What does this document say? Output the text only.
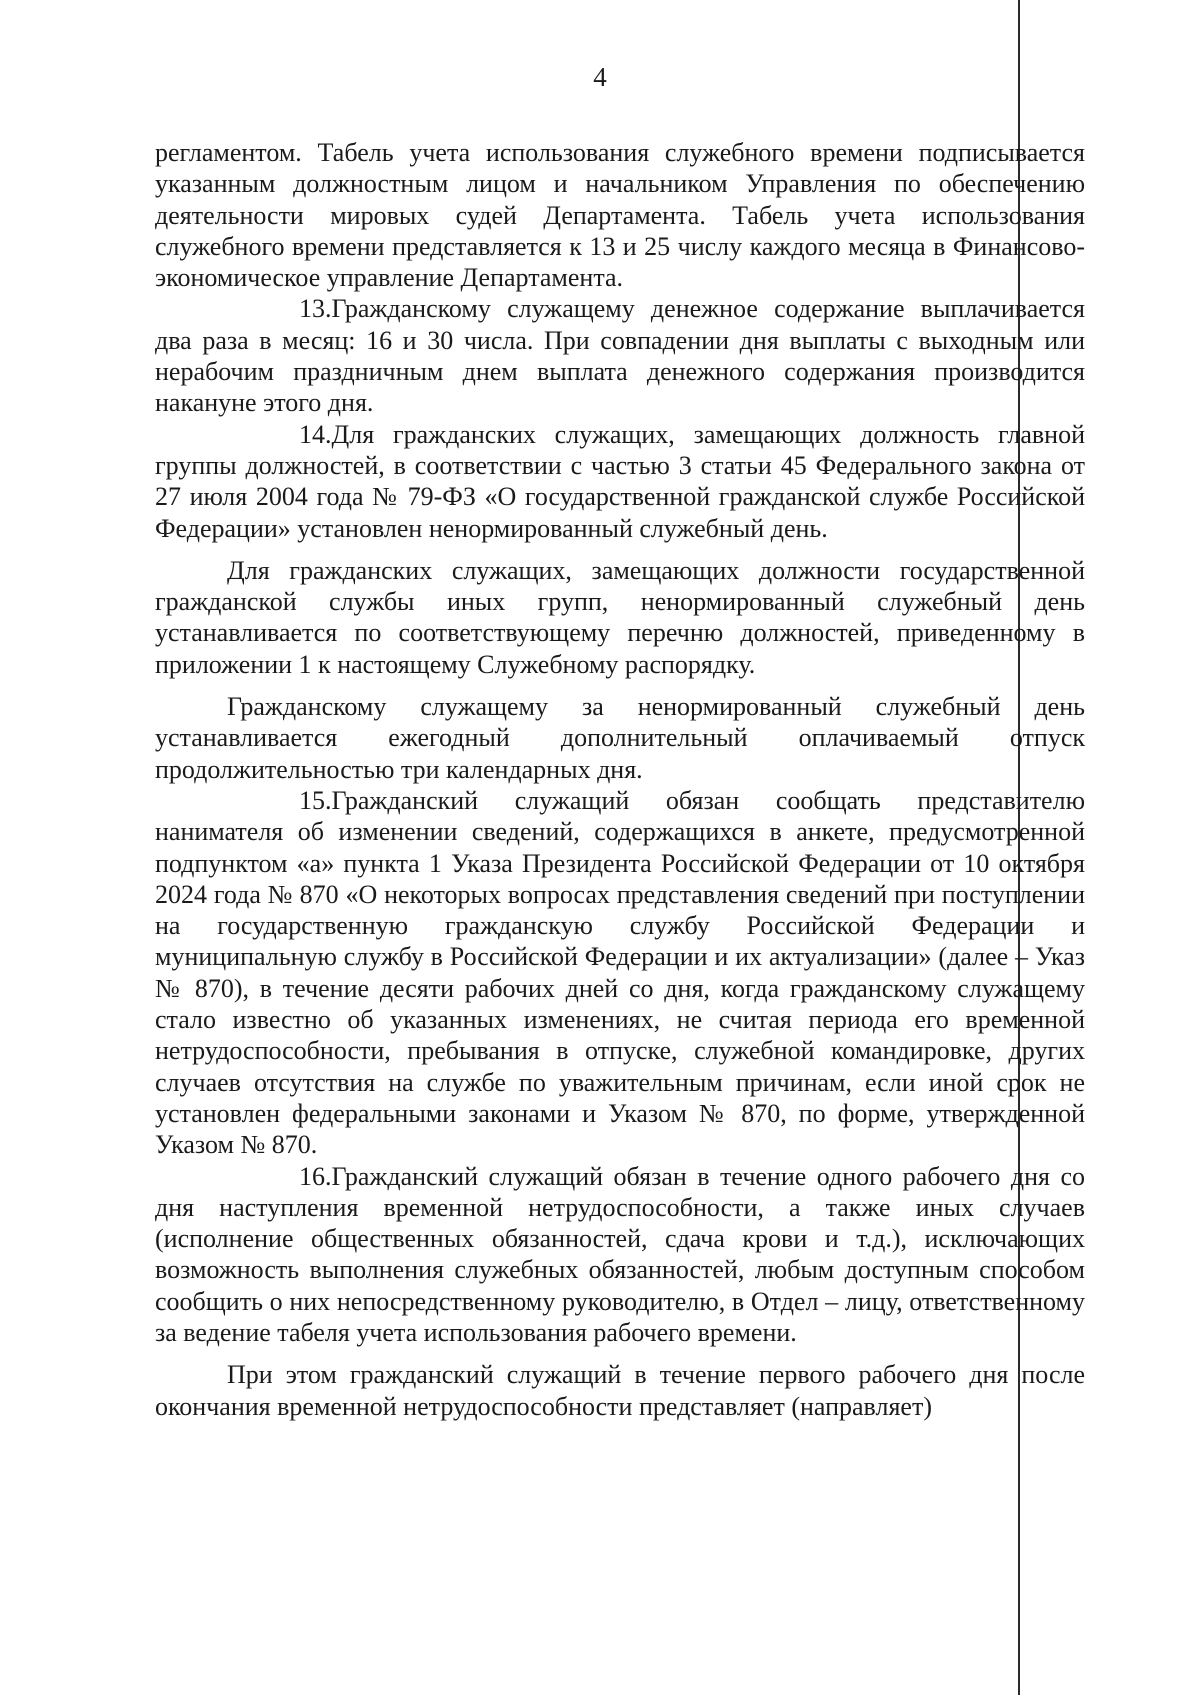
4

регламентом. Табель учета использования служебного времени подписывается указанным должностным лицом и начальником Управления по обеспечению деятельности мировых судей Департамента. Табель учета использования служебного времени представляется к 13 и 25 числу каждого месяца в Финансово-экономическое управление Департамента.

13.Гражданскому служащему денежное содержание выплачивается два раза в месяц: 16 и 30 числа. При совпадении дня выплаты с выходным или нерабочим праздничным днем выплата денежного содержания производится накануне этого дня.

14.Для гражданских служащих, замещающих должность главной группы должностей, в соответствии с частью 3 статьи 45 Федерального закона от 27 июля 2004 года № 79-ФЗ «О государственной гражданской службе Российской Федерации» установлен ненормированный служебный день.

Для гражданских служащих, замещающих должности государственной гражданской службы иных групп, ненормированный служебный день устанавливается по соответствующему перечню должностей, приведенному в приложении 1 к настоящему Служебному распорядку.

Гражданскому служащему за ненормированный служебный день устанавливается ежегодный дополнительный оплачиваемый отпуск продолжительностью три календарных дня.

15.Гражданский служащий обязан сообщать представителю нанимателя об изменении сведений, содержащихся в анкете, предусмотренной подпунктом «а» пункта 1 Указа Президента Российской Федерации от 10 октября 2024 года № 870 «О некоторых вопросах представления сведений при поступлении на государственную гражданскую службу Российской Федерации и муниципальную службу в Российской Федерации и их актуализации» (далее – Указ № 870), в течение десяти рабочих дней со дня, когда гражданскому служащему стало известно об указанных изменениях, не считая периода его временной нетрудоспособности, пребывания в отпуске, служебной командировке, других случаев отсутствия на службе по уважительным причинам, если иной срок не установлен федеральными законами и Указом № 870, по форме, утвержденной Указом № 870.

16.Гражданский служащий обязан в течение одного рабочего дня со дня наступления временной нетрудоспособности, а также иных случаев (исполнение общественных обязанностей, сдача крови и т.д.), исключающих возможность выполнения служебных обязанностей, любым доступным способом сообщить о них непосредственному руководителю, в Отдел – лицу, ответственному за ведение табеля учета использования рабочего времени.

При этом гражданский служащий в течение первого рабочего дня после окончания временной нетрудоспособности представляет (направляет)
